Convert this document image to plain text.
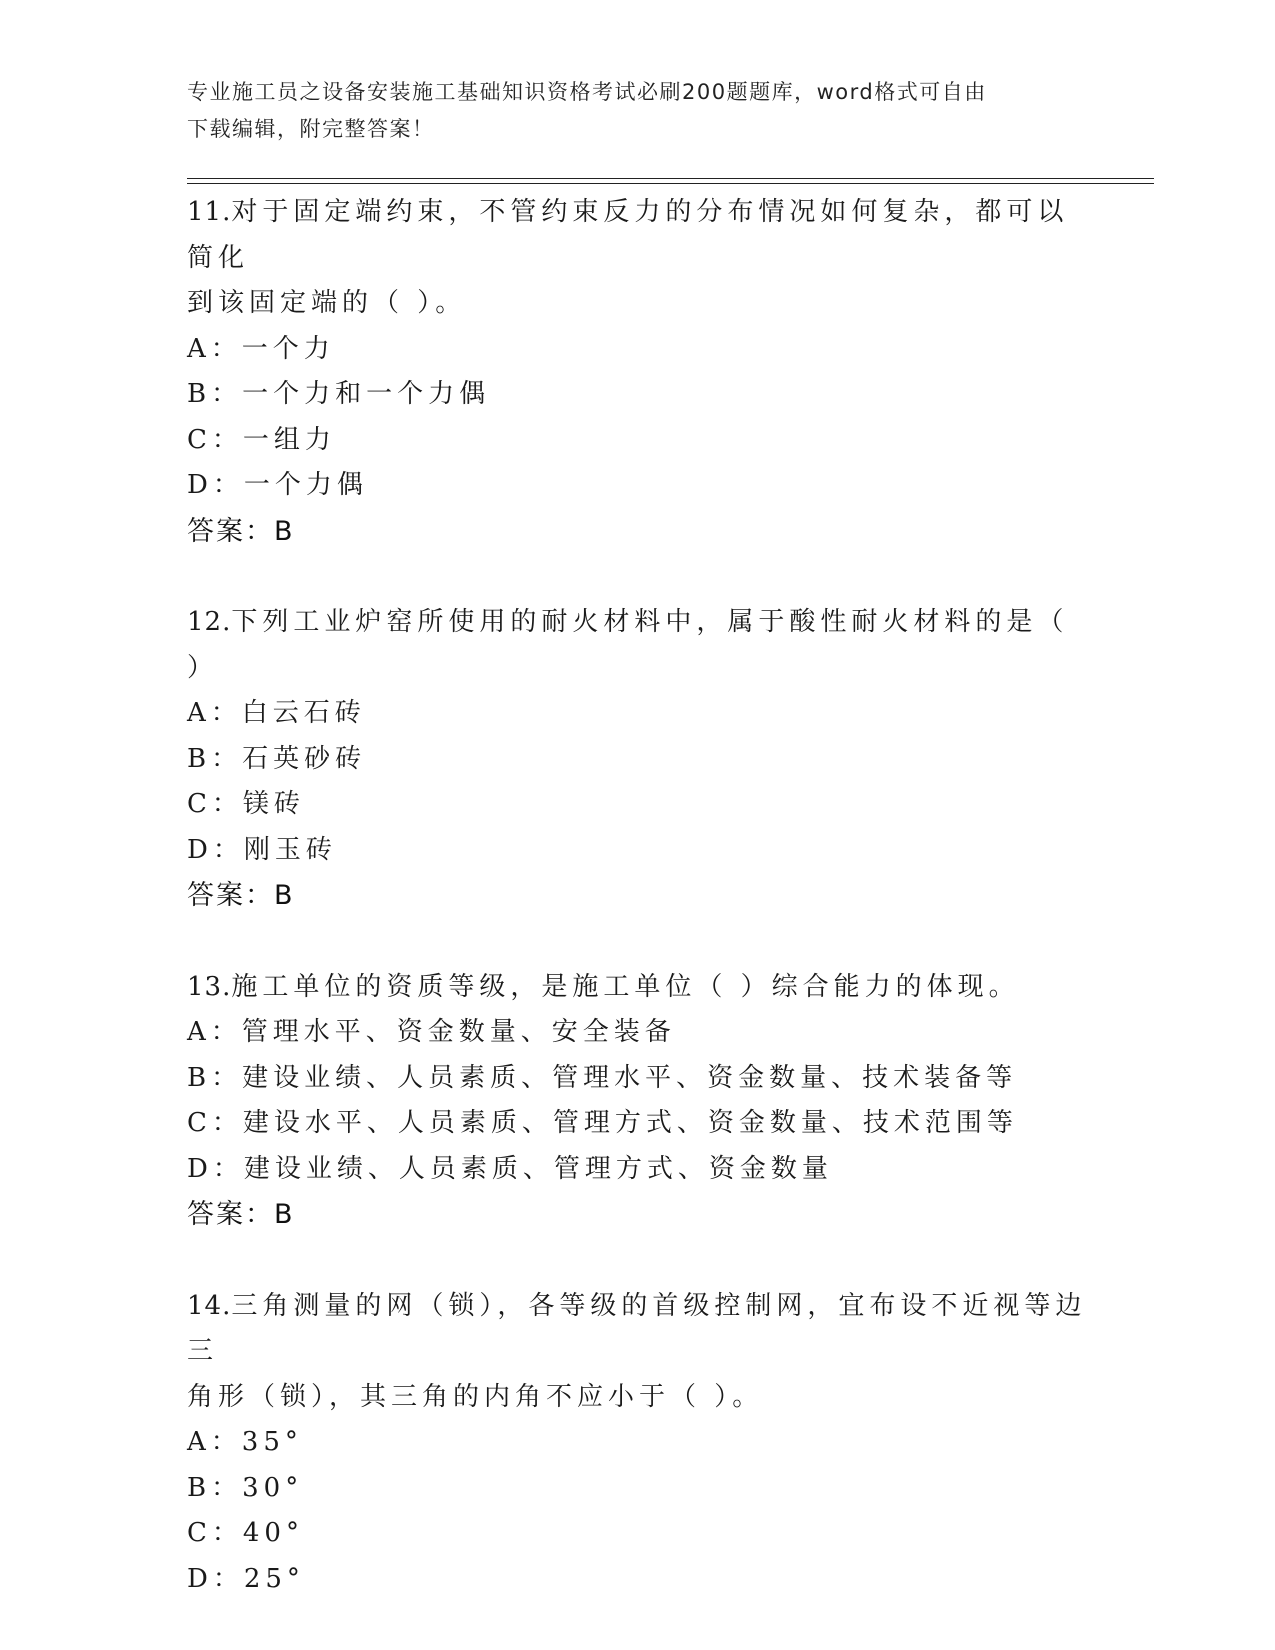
专业施工员之设备安装施工基础知识资格考试必刷200题题库，word格式可自由
下载编辑，附完整答案！

11.对于固定端约束，不管约束反力的分布情况如何复杂，都可以简化

到该固定端的（ ）。

A：一个力

B：一个力和一个力偶

C：一组力

D：一个力偶

答案：B

12.下列工业炉窑所使用的耐火材料中，属于酸性耐火材料的是（ ）

A：白云石砖

B：石英砂砖

C：镁砖

D：刚玉砖

答案：B

13.施工单位的资质等级，是施工单位（ ）综合能力的体现。

A：管理水平、资金数量、安全装备

B：建设业绩、人员素质、管理水平、资金数量、技术装备等

C：建设水平、人员素质、管理方式、资金数量、技术范围等

D：建设业绩、人员素质、管理方式、资金数量

答案：B

14.三角测量的网（锁），各等级的首级控制网，宜布设不近视等边三

角形（锁），其三角的内角不应小于（ ）。

A：35°

B：30°

C：40°

D：25°
